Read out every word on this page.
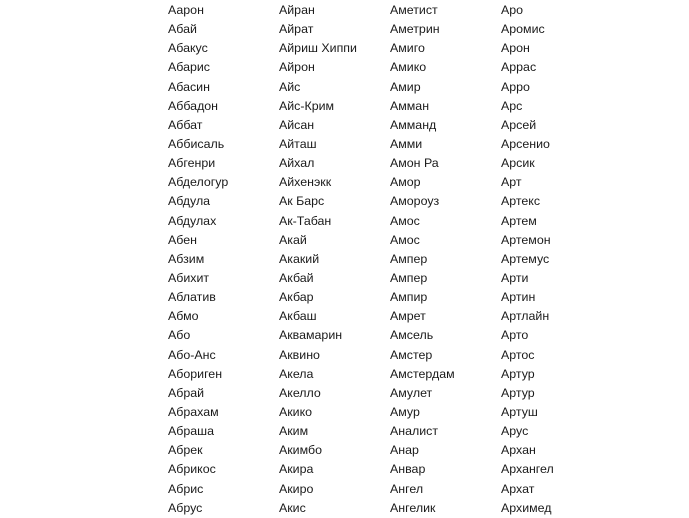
Аарон
Абай
Абакус
Абарис
Абасин
Аббадон
Аббат
Аббисаль
Абгенри
Абделогур
Абдула
Абдулах
Абен
Абзим
Абихит
Аблатив
Абмо
Або
Або-Анс
Абориген
Абрай
Абрахам
Абраша
Абрек
Абрикос
Абрис
Абрус
Айран
Айрат
Айриш Хиппи
Айрон
Айс
Айс-Крим
Айсан
Айташ
Айхал
Айхенэкк
Ак Барс
Ак-Табан
Акай
Акакий
Акбай
Акбар
Акбаш
Аквамарин
Аквино
Акела
Акелло
Акико
Аким
Акимбо
Акира
Акиро
Акис
Аметист
Аметрин
Амиго
Амико
Амир
Амман
Амманд
Амми
Амон Ра
Амор
Амороуз
Амос
Амос
Ампер
Ампер
Ампир
Амрет
Амсель
Амстер
Амстердам
Амулет
Амур
Аналист
Анар
Анвар
Ангел
Ангелик
Аро
Аромис
Арон
Аррас
Арро
Арс
Арсей
Арсенио
Арсик
Арт
Артекс
Артем
Артемон
Артемус
Арти
Артин
Артлайн
Арто
Артос
Артур
Артур
Артуш
Арус
Архан
Архангел
Архат
Архимед
